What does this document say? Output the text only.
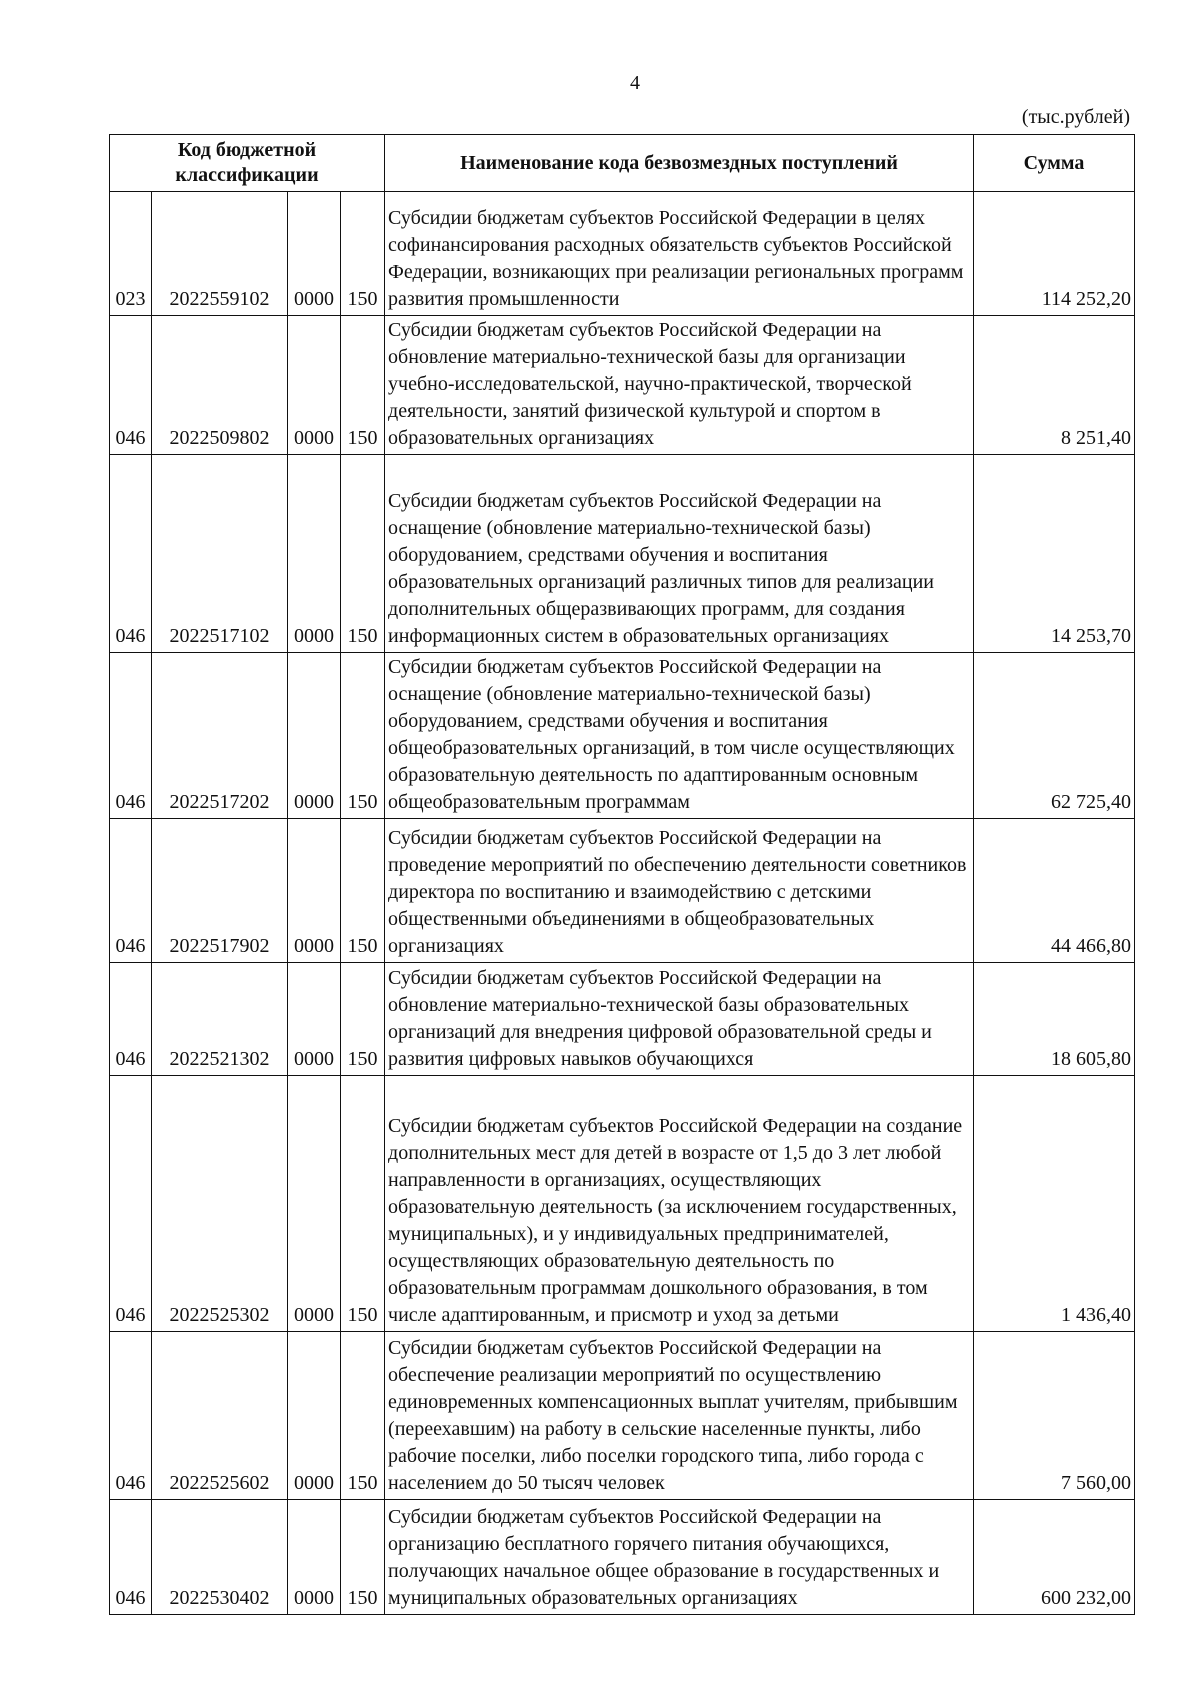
4
(тыс.рублей)
Код бюджетной классификации				Наименование кода безвозмездных поступлений	Сумма
023	2022559102	0000	150	Субсидии бюджетам субъектов Российской Федерации в целях софинансирования расходных обязательств субъектов Российской Федерации, возникающих при реализации региональных программ развития промышленности	114 252,20
046	2022509802	0000	150	Субсидии бюджетам субъектов Российской Федерации на обновление материально-технической базы для организации учебно-исследовательской, научно-практической, творческой деятельности, занятий физической культурой и спортом в образовательных организациях	8 251,40
046	2022517102	0000	150	Субсидии бюджетам субъектов Российской Федерации на оснащение (обновление материально-технической базы) оборудованием, средствами обучения и воспитания образовательных организаций различных типов для реализации дополнительных общеразвивающих программ, для создания информационных систем в образовательных организациях	14 253,70
046	2022517202	0000	150	Субсидии бюджетам субъектов Российской Федерации на оснащение (обновление материально-технической базы) оборудованием, средствами обучения и воспитания общеобразовательных организаций, в том числе осуществляющих образовательную деятельность по адаптированным основным общеобразовательным программам	62 725,40
046	2022517902	0000	150	Субсидии бюджетам субъектов Российской Федерации на проведение мероприятий по обеспечению деятельности советников директора по воспитанию и взаимодействию с детскими общественными объединениями в общеобразовательных организациях	44 466,80
046	2022521302	0000	150	Субсидии бюджетам субъектов Российской Федерации на обновление материально-технической базы образовательных организаций для внедрения цифровой образовательной среды и развития цифровых навыков обучающихся	18 605,80
046	2022525302	0000	150	Субсидии бюджетам субъектов Российской Федерации на создание дополнительных мест для детей в возрасте от 1,5 до 3 лет любой направленности в организациях, осуществляющих образовательную деятельность (за исключением государственных, муниципальных), и у индивидуальных предпринимателей, осуществляющих образовательную деятельность по образовательным программам дошкольного образования, в том числе адаптированным, и присмотр и уход за детьми	1 436,40
046	2022525602	0000	150	Субсидии бюджетам субъектов Российской Федерации на обеспечение реализации мероприятий по осуществлению единовременных компенсационных выплат учителям, прибывшим (переехавшим) на работу в сельские населенные пункты, либо рабочие поселки, либо поселки городского типа, либо города с населением до 50 тысяч человек	7 560,00
046	2022530402	0000	150	Субсидии бюджетам субъектов Российской Федерации на организацию бесплатного горячего питания обучающихся, получающих начальное общее образование в государственных и муниципальных образовательных организациях	600 232,00
